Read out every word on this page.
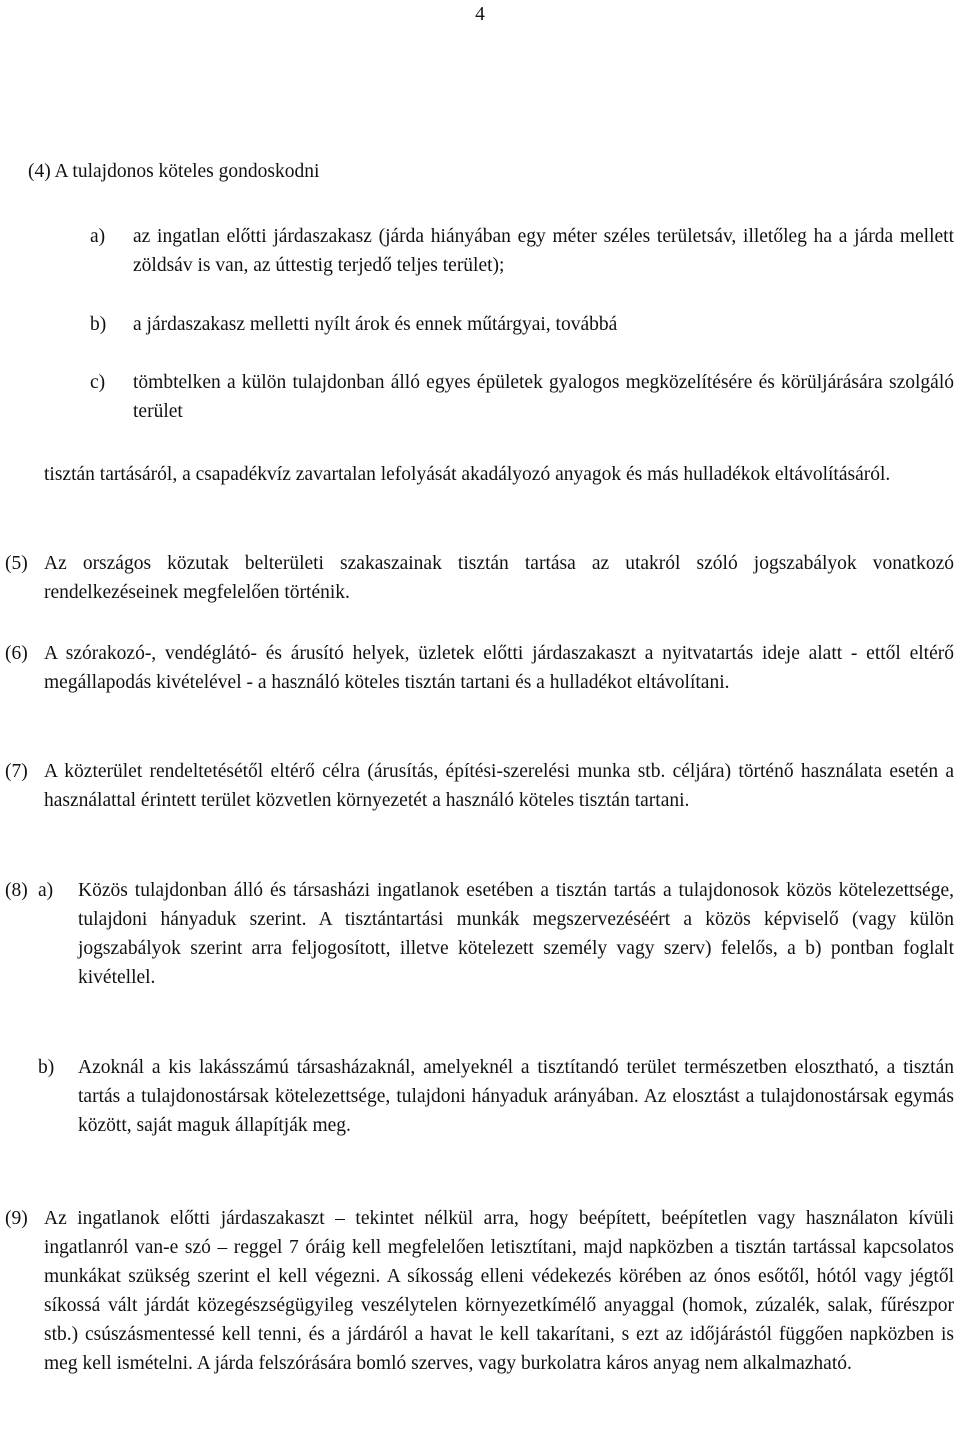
4
(4) A tulajdonos köteles gondoskodni
a) az ingatlan előtti járdaszakasz (járda hiányában egy méter széles területsáv, illetőleg ha a járda mellett zöldsáv is van, az úttestig terjedő teljes terület);
b) a járdaszakasz melletti nyílt árok és ennek műtárgyai, továbbá
c) tömbtelken a külön tulajdonban álló egyes épületek gyalogos megközelítésére és körüljárására szolgáló terület
tisztán tartásáról, a csapadékvíz zavartalan lefolyását akadályozó anyagok és más hulladékok eltávolításáról.
(5) Az országos közutak belterületi szakaszainak tisztán tartása az utakról szóló jogszabályok vonatkozó rendelkezéseinek megfelelően történik.
(6) A szórakozó-, vendéglátó- és árusító helyek, üzletek előtti járdaszakaszt a nyitvatartás ideje alatt - ettől eltérő megállapodás kivételével - a használó köteles tisztán tartani és a hulladékot eltávolítani.
(7) A közterület rendeltetésétől eltérő célra (árusítás, építési-szerelési munka stb. céljára) történő használata esetén a használattal érintett terület közvetlen környezetét a használó köteles tisztán tartani.
(8) a) Közös tulajdonban álló és társasházi ingatlanok esetében a tisztán tartás a tulajdonosok közös kötelezettsége, tulajdoni hányaduk szerint. A tisztántartási munkák megszervezéséért a közös képviselő (vagy külön jogszabályok szerint arra feljogosított, illetve kötelezett személy vagy szerv) felelős, a b) pontban foglalt kivétellel.
b) Azoknál a kis lakásszámú társasházaknál, amelyeknél a tisztítandó terület természetben elosztható, a tisztán tartás a tulajdonostársak kötelezettsége, tulajdoni hányaduk arányában. Az elosztást a tulajdonostársak egymás között, saját maguk állapítják meg.
(9) Az ingatlanok előtti járdaszakaszt – tekintet nélkül arra, hogy beépített, beépítetlen vagy használaton kívüli ingatlanról van-e szó – reggel 7 óráig kell megfelelően letisztítani, majd napközben a tisztán tartással kapcsolatos munkákat szükség szerint el kell végezni. A síkosság elleni védekezés körében az ónos esőtől, hótól vagy jégtől síkossá vált járdát közegészségügyileg veszélytelen környezetkímélő anyaggal (homok, zúzalék, salak, fűrészpor stb.) csúszásmentessé kell tenni, és a járdáról a havat le kell takarítani, s ezt az időjárástól függően napközben is meg kell ismételni. A járda felszórására bomló szerves, vagy burkolatra káros anyag nem alkalmazható.
